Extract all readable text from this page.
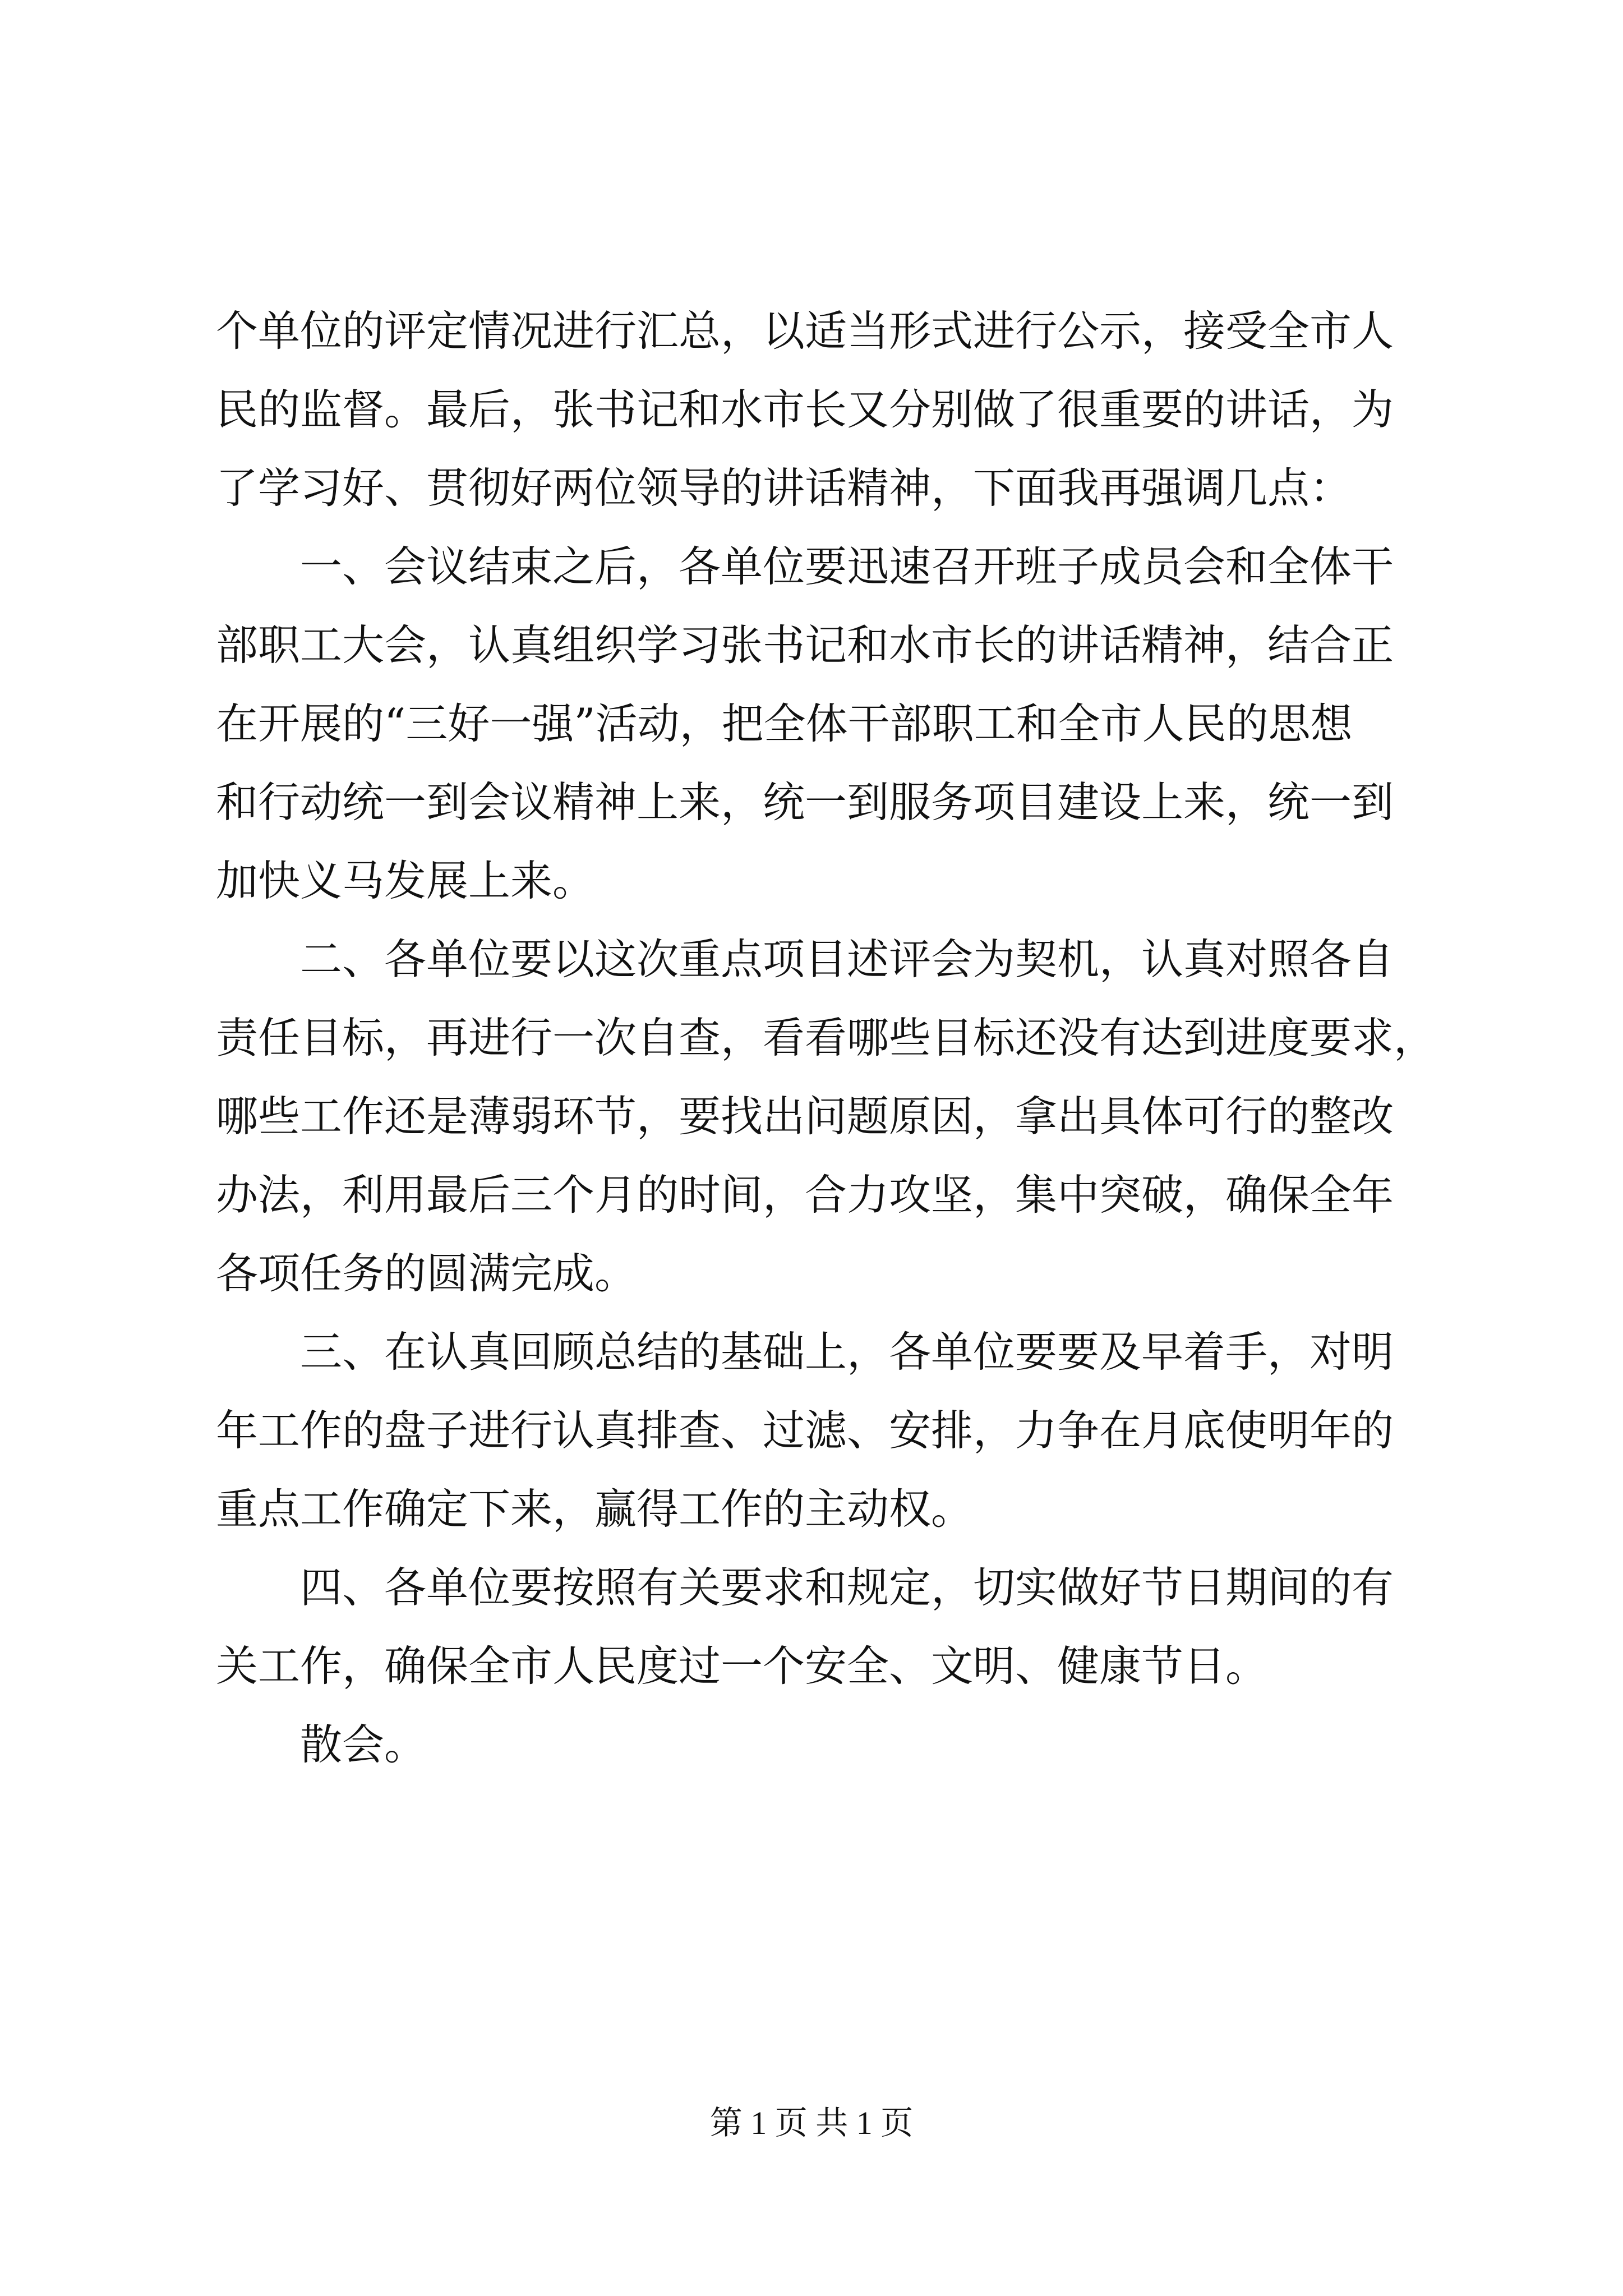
个单位的评定情况进行汇总，以适当形式进行公示，接受全市人
民的监督。最后，张书记和水市长又分别做了很重要的讲话，为
了学习好、贯彻好两位领导的讲话精神，下面我再强调几点：

一、会议结束之后，各单位要迅速召开班子成员会和全体干
部职工大会，认真组织学习张书记和水市长的讲话精神，结合正
在开展的“三好一强”活动，把全体干部职工和全市人民的思想
和行动统一到会议精神上来，统一到服务项目建设上来，统一到
加快义马发展上来。

二、各单位要以这次重点项目述评会为契机，认真对照各自
责任目标，再进行一次自查，看看哪些目标还没有达到进度要求，
哪些工作还是薄弱环节，要找出问题原因，拿出具体可行的整改
办法，利用最后三个月的时间，合力攻坚，集中突破，确保全年
各项任务的圆满完成。

三、在认真回顾总结的基础上，各单位要要及早着手，对明
年工作的盘子进行认真排查、过滤、安排，力争在月底使明年的
重点工作确定下来，赢得工作的主动权。

四、各单位要按照有关要求和规定，切实做好节日期间的有
关工作，确保全市人民度过一个安全、文明、健康节日。

散会。

第 1 页 共 1 页
